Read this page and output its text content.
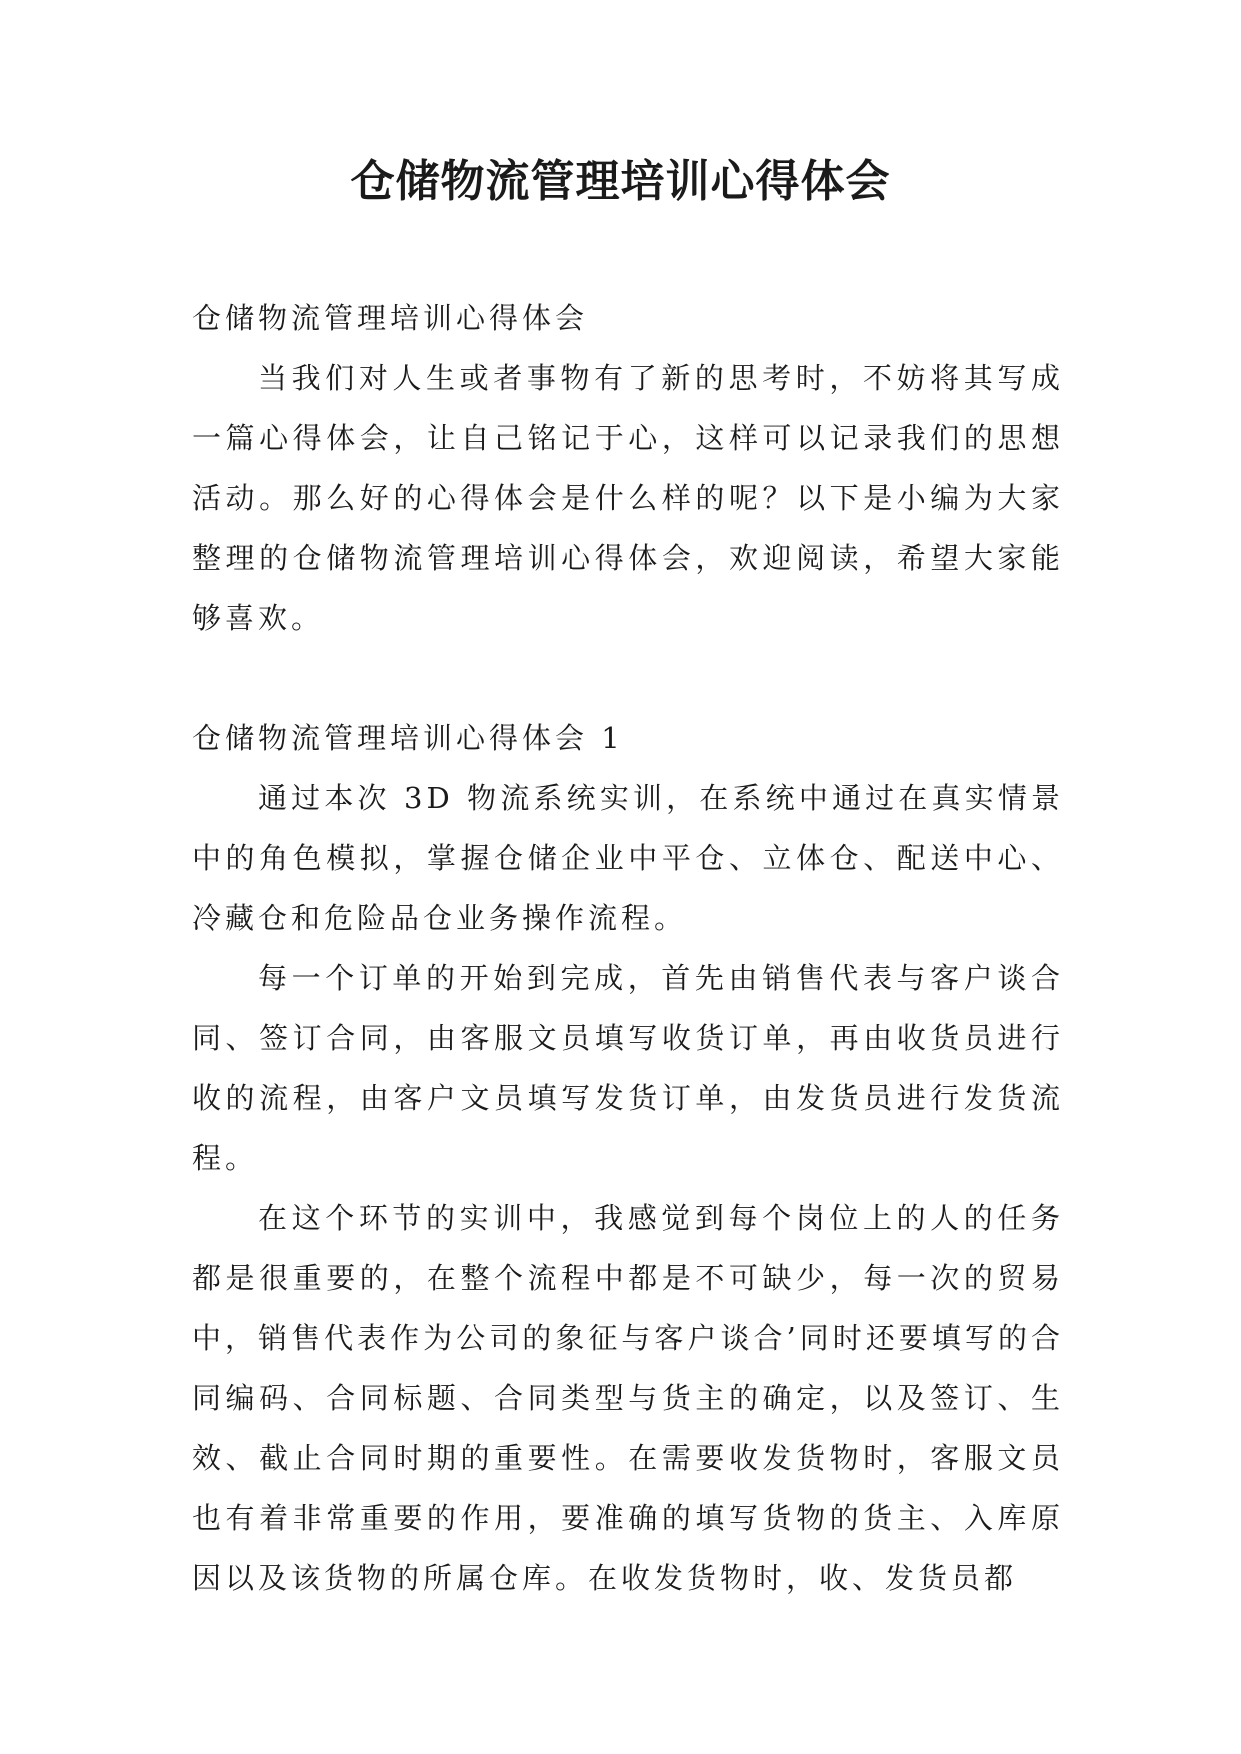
仓储物流管理培训心得体会

仓储物流管理培训心得体会

当我们对人生或者事物有了新的思考时，不妨将其写成一篇心得体会，让自己铭记于心，这样可以记录我们的思想活动。那么好的心得体会是什么样的呢？以下是小编为大家整理的仓储物流管理培训心得体会，欢迎阅读，希望大家能够喜欢。

仓储物流管理培训心得体会 1

通过本次 3D 物流系统实训，在系统中通过在真实情景中的角色模拟，掌握仓储企业中平仓、立体仓、配送中心、冷藏仓和危险品仓业务操作流程。

每一个订单的开始到完成，首先由销售代表与客户谈合同、签订合同，由客服文员填写收货订单，再由收货员进行收的流程，由客户文员填写发货订单，由发货员进行发货流程。

在这个环节的实训中，我感觉到每个岗位上的人的任务都是很重要的，在整个流程中都是不可缺少，每一次的贸易中，销售代表作为公司的象征与客户谈合’同时还要填写的合同编码、合同标题、合同类型与货主的确定，以及签订、生效、截止合同时期的重要性。在需要收发货物时，客服文员也有着非常重要的作用，要准确的填写货物的货主、入库原因以及该货物的所属仓库。在收发货物时，收、发货员都
